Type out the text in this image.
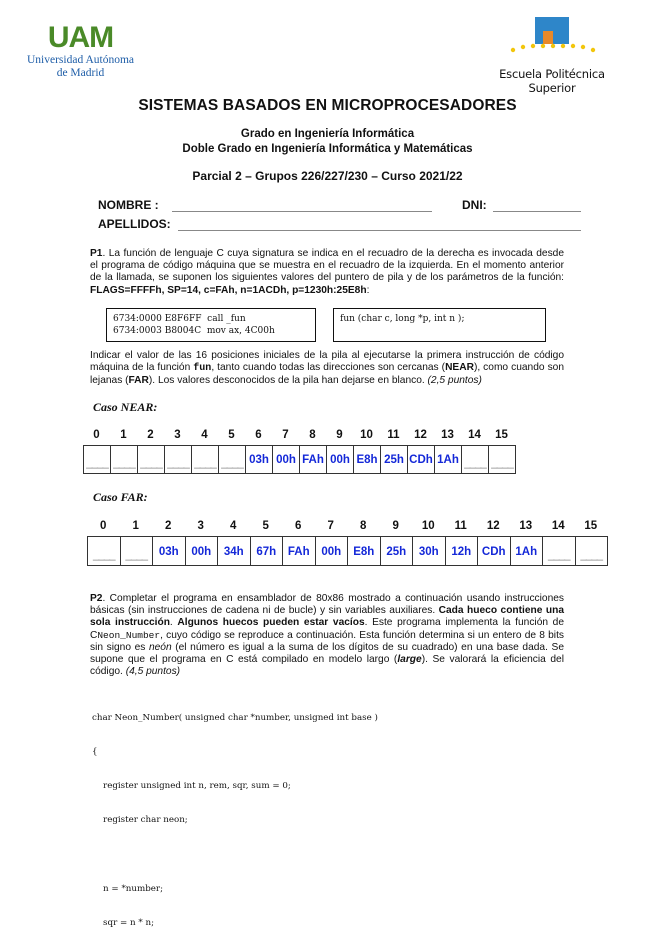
UAM
Universidad Autónoma
de Madrid	Escuela Politécnica Superior
SISTEMAS BASADOS EN MICROPROCESADORES
Grado en Ingeniería Informática
Doble Grado en Ingeniería Informática y Matemáticas
Parcial 2 – Grupos 226/227/230 – Curso 2021/22
NOMBRE :	DNI:
APELLIDOS:
P1. La función de lenguaje C cuya signatura se indica en el recuadro de la derecha es invocada desde el programa de código máquina que se muestra en el recuadro de la izquierda. En el momento anterior de la llamada, se suponen los siguientes valores del puntero de pila y de los parámetros de la función: FLAGS=FFFFh, SP=14, c=FAh, n=1ACDh, p=1230h:25E8h:
6734:0000 E8F6FF  call _fun
6734:0003 B8004C  mov ax, 4C00h
fun (char c, long *p, int n );
Indicar el valor de las 16 posiciones iniciales de la pila al ejecutarse la primera instrucción de código máquina de la función fun, tanto cuando todas las direcciones son cercanas (NEAR), como cuando son lejanas (FAR). Los valores desconocidos de la pila han dejarse en blanco. (2,5 puntos)
Caso NEAR:
0
____
1
____
2
____
3
____
4
____
5
____
6
03h
7
00h
8
FAh
9
00h
10
E8h
11
25h
12
CDh
13
1Ah
14
____
15
____
Caso FAR:
0
____
1
____
2
03h
3
00h
4
34h
5
67h
6
FAh
7
00h
8
E8h
9
25h
10
30h
11
12h
12
CDh
13
1Ah
14
____
15
____
P2. Completar el programa en ensamblador de 80x86 mostrado a continuación usando instrucciones básicas (sin instrucciones de cadena ni de bucle) y sin variables auxiliares. Cada hueco contiene una sola instrucción. Algunos huecos pueden estar vacíos. Este programa implementa la función de CNeon_Number, cuyo código se reproduce a continuación. Esta función determina si un entero de 8 bits sin signo es neón (el número es igual a la suma de los dígitos de su cuadrado) en una base dada. Se supone que el programa en C está compilado en modelo largo (large). Se valorará la eficiencia del código. (4,5 puntos)

char Neon_Number( unsigned char *number, unsigned int base )

{

register unsigned int n, rem, sqr, sum = 0;

register char neon;

n = *number;

sqr = n * n;
